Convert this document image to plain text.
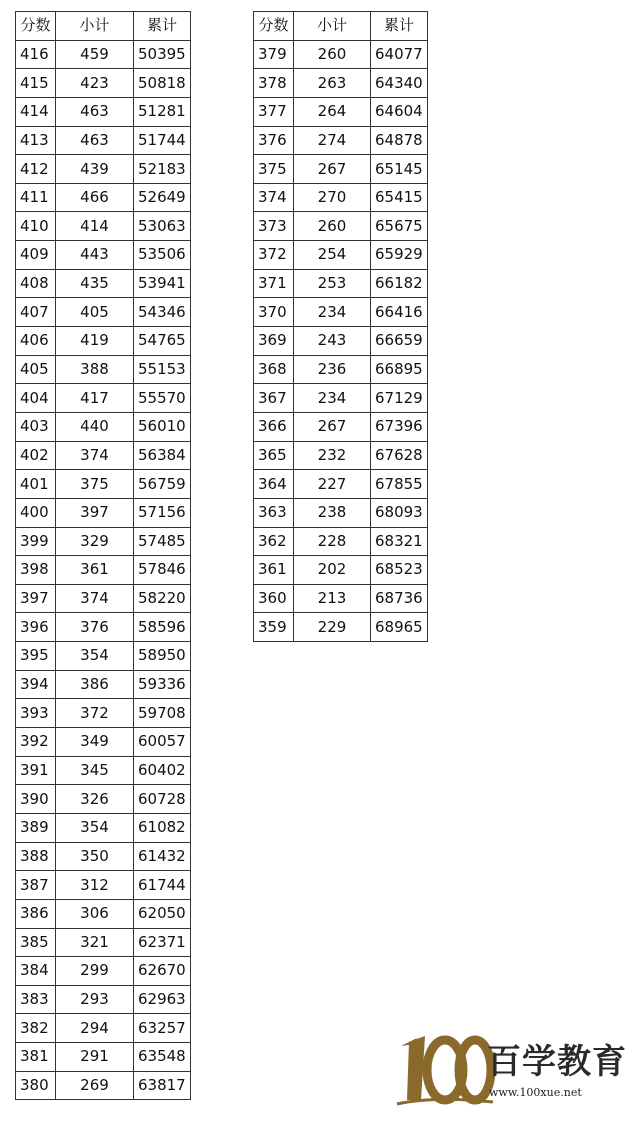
分数	小计	累计
416	459	50395
415	423	50818
414	463	51281
413	463	51744
412	439	52183
411	466	52649
410	414	53063
409	443	53506
408	435	53941
407	405	54346
406	419	54765
405	388	55153
404	417	55570
403	440	56010
402	374	56384
401	375	56759
400	397	57156
399	329	57485
398	361	57846
397	374	58220
396	376	58596
395	354	58950
394	386	59336
393	372	59708
392	349	60057
391	345	60402
390	326	60728
389	354	61082
388	350	61432
387	312	61744
386	306	62050
385	321	62371
384	299	62670
383	293	62963
382	294	63257
381	291	63548
380	269	63817
分数	小计	累计
379	260	64077
378	263	64340
377	264	64604
376	274	64878
375	267	65145
374	270	65415
373	260	65675
372	254	65929
371	253	66182
370	234	66416
369	243	66659
368	236	66895
367	234	67129
366	267	67396
365	232	67628
364	227	67855
363	238	68093
362	228	68321
361	202	68523
360	213	68736
359	229	68965
百学教育
www.100xue.net
